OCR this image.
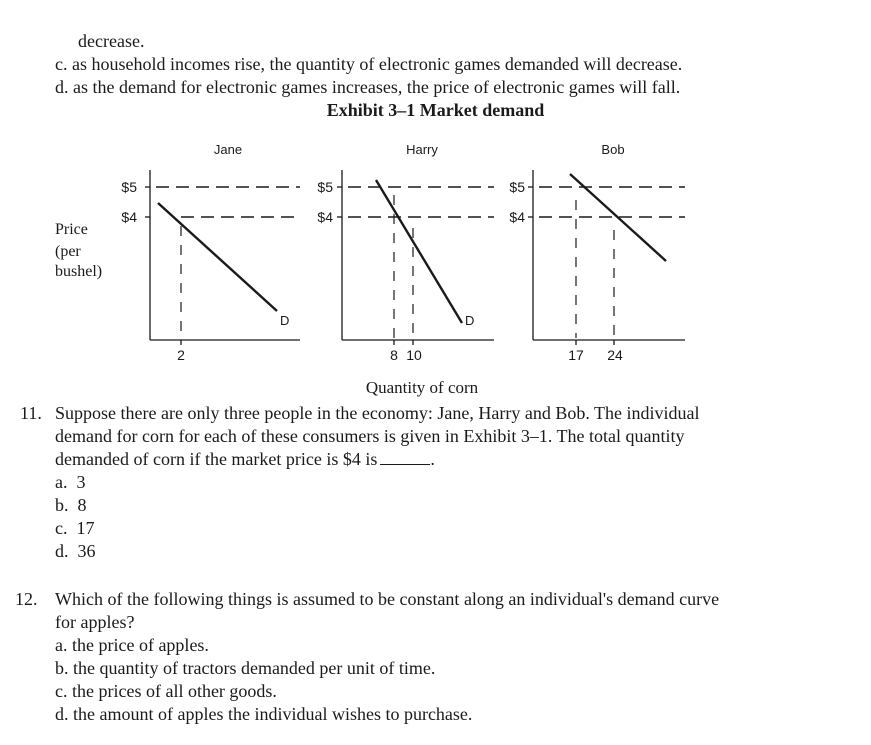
decrease.
c. as household incomes rise, the quantity of electronic games demanded will decrease.
d. as the demand for electronic games increases, the price of electronic games will fall.
Exhibit 3–1 Market demand
Price
(per
bushel)
Jane	Harry	Bob
$5
$4
$5
$4
$5
$4
2	8 10	17 24
D	D
Quantity of corn
11. Suppose there are only three people in the economy: Jane, Harry and Bob. The individual
demand for corn for each of these consumers is given in Exhibit 3–1. The total quantity
demanded of corn if the market price is $4 is	.
a. 3
b. 8
c. 17
d. 36
12. Which of the following things is assumed to be constant along an individual's demand curve
for apples?
a. the price of apples.
b. the quantity of tractors demanded per unit of time.
c. the prices of all other goods.
d. the amount of apples the individual wishes to purchase.
